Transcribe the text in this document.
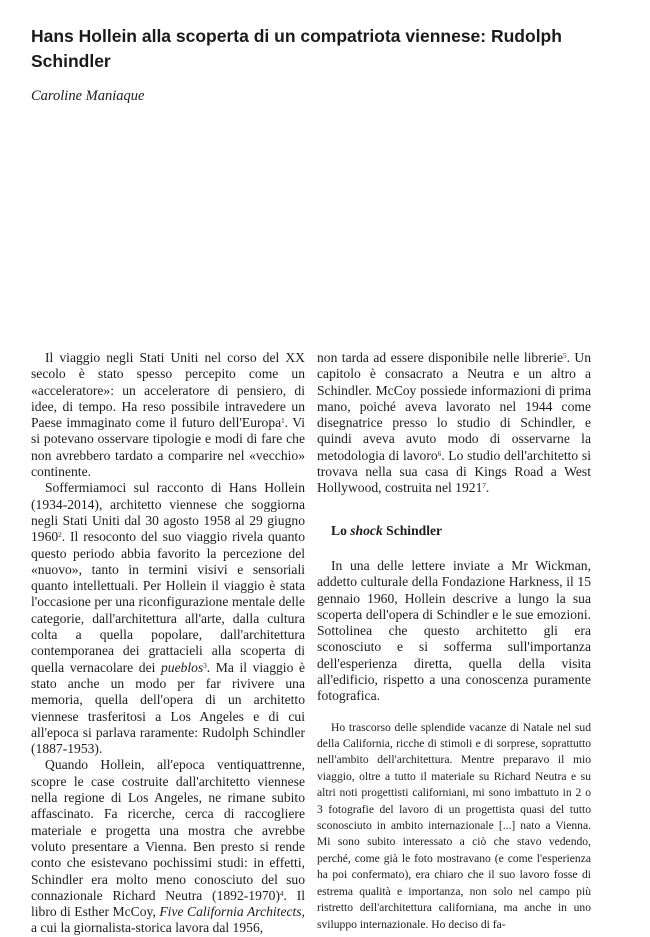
Hans Hollein alla scoperta di un compatriota viennese: Rudolph Schindler

Caroline Maniaque

Il viaggio negli Stati Uniti nel corso del XX secolo è stato spesso percepito come un «acceleratore»: un acceleratore di pensiero, di idee, di tempo. Ha reso possibile intravedere un Paese immaginato come il futuro dell'Europa$^1$. Vi si potevano osservare tipologie e modi di fare che non avrebbero tardato a comparire nel «vecchio» continente.

Soffermiamoci sul racconto di Hans Hollein (1934-2014), architetto viennese che soggiorna negli Stati Uniti dal 30 agosto 1958 al 29 giugno 1960$^2$. Il resoconto del suo viaggio rivela quanto questo periodo abbia favorito la percezione del «nuovo», tanto in termini visivi e sensoriali quanto intellettuali. Per Hollein il viaggio è stata l'occasione per una riconfigurazione mentale delle categorie, dall'architettura all'arte, dalla cultura colta a quella popolare, dall'architettura contemporanea dei grattacieli alla scoperta di quella vernacolare dei pueblos$^3$. Ma il viaggio è stato anche un modo per far rivivere una memoria, quella dell'opera di un architetto viennese trasferitosi a Los Angeles e di cui all'epoca si parlava raramente: Rudolph Schindler (1887-1953).

Quando Hollein, all'epoca ventiquattrenne, scopre le case costruite dall'architetto viennese nella regione di Los Angeles, ne rimane subito affascinato. Fa ricerche, cerca di raccogliere materiale e progetta una mostra che avrebbe voluto presentare a Vienna. Ben presto si rende conto che esistevano pochissimi studi: in effetti, Schindler era molto meno conosciuto del suo connazionale Richard Neutra (1892-1970)$^4$. Il libro di Esther McCoy, Five California Architects, a cui la giornalista-storica lavora dal 1956,

non tarda ad essere disponibile nelle librerie$^5$. Un capitolo è consacrato a Neutra e un altro a Schindler. McCoy possiede informazioni di prima mano, poiché aveva lavorato nel 1944 come disegnatrice presso lo studio di Schindler, e quindi aveva avuto modo di osservarne la metodologia di lavoro$^6$. Lo studio dell'architetto si trovava nella sua casa di Kings Road a West Hollywood, costruita nel 1921$^7$.

Lo shock Schindler

In una delle lettere inviate a Mr Wickman, addetto culturale della Fondazione Harkness, il 15 gennaio 1960, Hollein descrive a lungo la sua scoperta dell'opera di Schindler e le sue emozioni. Sottolinea che questo architetto gli era sconosciuto e si sofferma sull'importanza dell'esperienza diretta, quella della visita all'edificio, rispetto a una conoscenza puramente fotografica.

Ho trascorso delle splendide vacanze di Natale nel sud della California, ricche di stimoli e di sorprese, soprattutto nell'ambito dell'architettura. Mentre preparavo il mio viaggio, oltre a tutto il materiale su Richard Neutra e su altri noti progettisti californiani, mi sono imbattuto in 2 o 3 fotografie del lavoro di un progettista quasi del tutto sconosciuto in ambito internazionale [...] nato a Vienna. Mi sono subito interessato a ciò che stavo vedendo, perché, come già le foto mostravano (e come l'esperienza ha poi confermato), era chiaro che il suo lavoro fosse di estrema qualità e importanza, non solo nel campo più ristretto dell'architettura californiana, ma anche in uno sviluppo internazionale. Ho deciso di fa-
